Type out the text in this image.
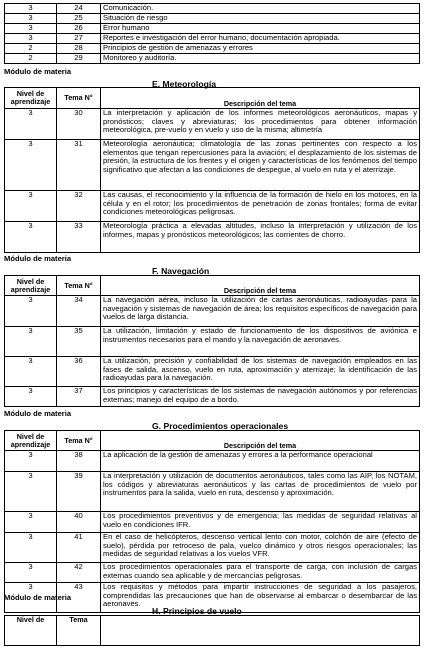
3	24	Comunicación.
3	25	Situación de riesgo
3	26	Error humano
3	27	Reportes e investigación del error humano, documentación apropiada.
2	28	Principios de gestión de amenazas y errores
2	29	Monitoreo y auditoría.
Módulo de materia
E. Meteorología
Nivel de aprendizaje	Tema N°	Descripción del tema
3	30	La interpretación y aplicación de los informes meteorológicos aeronáuticos, mapas y pronósticos; claves y abreviaturas; los procedimientos para obtener información meteorológica, pre-vuelo y en vuelo y uso de la misma; altimetría
3	31	Meteorología aeronáutica; climatología de las zonas pertinentes con respecto a los elementos que tengan repercusiones para la aviación; el desplazamiento de los sistemas de presión, la estructura de los frentes y el origen y características de los fenómenos del tiempo significativo que afectan a las condiciones de despegue, al vuelo en ruta y el aterrizaje.
3	32	Las causas, el reconocimiento y la influencia de la formación de hielo en los motores, en la célula y en el rotor; los procedimientos de penetración de zonas frontales; forma de evitar condiciones meteorológicas peligrosas.
3	33	Meteorología práctica a elevadas altitudes, incluso la interpretación y utilización de los informes, mapas y pronósticos meteorológicos; las corrientes de chorro.
Módulo de materia
F. Navegación
Nivel de aprendizaje	Tema N°	Descripción del tema
3	34	La navegación aérea, incluso la utilización de cartas aeronáuticas, radioayudas para la navegación y sistemas de navegación de área; los requisitos específicos de navegación para vuelos de larga distancia.
3	35	La utilización, limitación y estado de funcionamiento de los dispositivos de aviónica e instrumentos necesarios para el mando y la navegación de aeronaves.
3	36	La utilización, precisión y confiabilidad de los sistemas de navegación empleados en las fases de salida, ascenso, vuelo en ruta, aproximación y aterrizaje; la identificación de las radioayudas para la navegación.
3	37	Los principios y características de los sistemas de navegación autónomos y por referencias externas; manejo del equipo de a bordo.
Módulo de materia
G. Procedimientos operacionales
Nivel de aprendizaje	Tema N°	Descripción del tema
3	38	La aplicación de la gestión de amenazas y errores a la performance operacional
3	39	La interpretación y utilización de documentos aeronáuticos, tales como las AIP, los NOTAM, los códigos y abreviaturas aeronáuticos y las cartas de procedimientos de vuelo por instrumentos para la salida, vuelo en ruta, descenso y aproximación.
3	40	Los procedimientos preventivos y de emergencia; las medidas de seguridad relativas al vuelo en condiciones IFR.
3	41	En el caso de helicópteros, descenso vertical lento con motor, colchón de aire (efecto de suelo), pérdida por retroceso de pala, vuelco dinámico y otros riesgos operacionales; las medidas de seguridad relativas a los vuelos VFR.
3	42	Los procedimientos operacionales para el transporte de carga, con inclusión de cargas externas cuando sea aplicable y de mercancías peligrosas.
3	43	Los requisitos y métodos para impartir instrucciones de seguridad a los pasajeros, comprendidas las precauciones que han de observarse al embarcar o desembarcar de las aeronaves.
Módulo de materia
H. Principios de vuelo
Nivel de	Tema	
